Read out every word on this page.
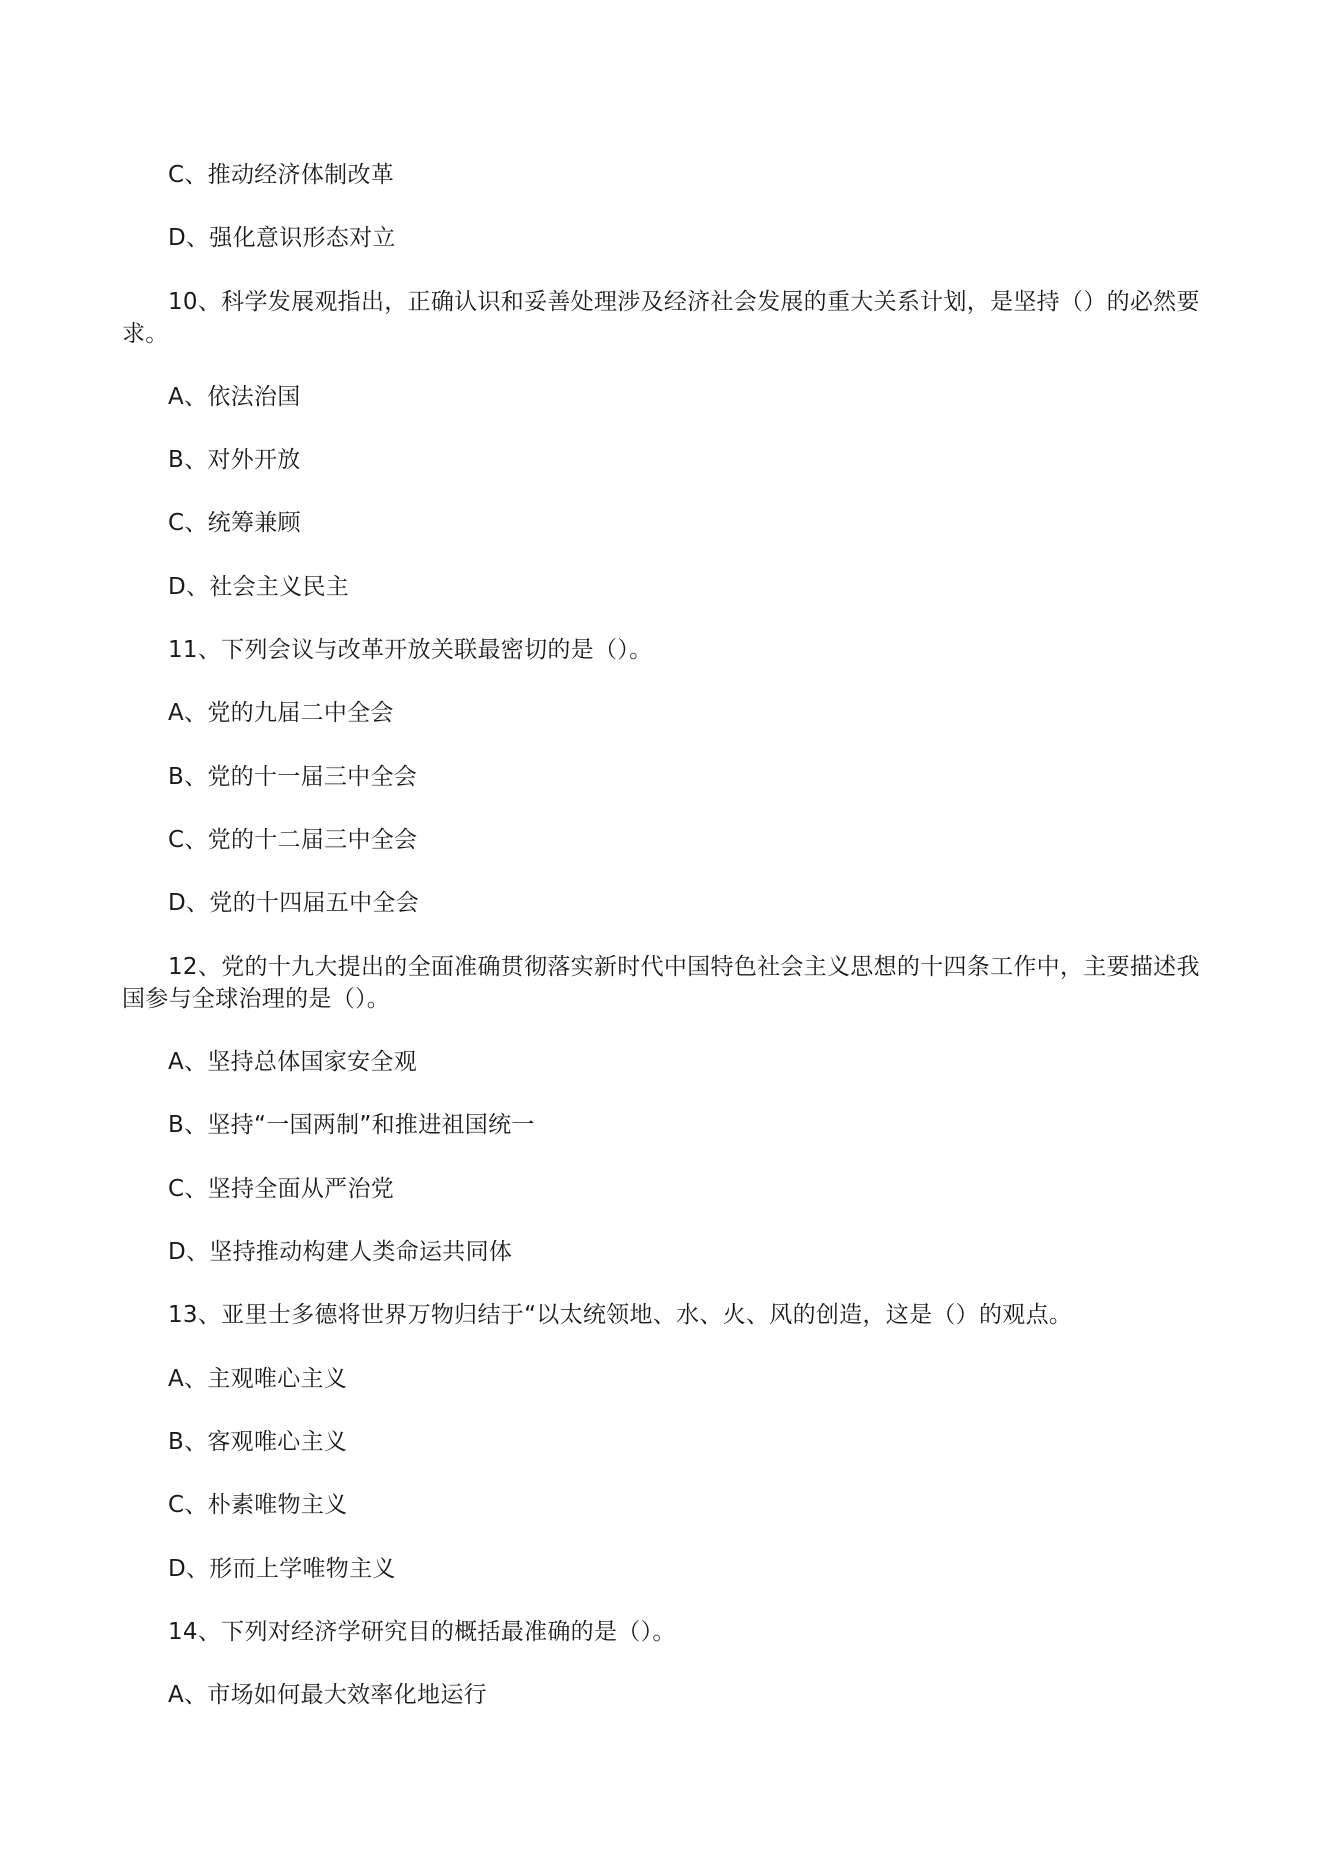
C、推动经济体制改革
D、强化意识形态对立
10、科学发展观指出，正确认识和妥善处理涉及经济社会发展的重大关系计划，是坚持（）的必然要
求。
A、依法治国
B、对外开放
C、统筹兼顾
D、社会主义民主
11、下列会议与改革开放关联最密切的是（）。
A、党的九届二中全会
B、党的十一届三中全会
C、党的十二届三中全会
D、党的十四届五中全会
12、党的十九大提出的全面准确贯彻落实新时代中国特色社会主义思想的十四条工作中，主要描述我
国参与全球治理的是（）。
A、坚持总体国家安全观
B、坚持“一国两制”和推进祖国统一
C、坚持全面从严治党
D、坚持推动构建人类命运共同体
13、亚里士多德将世界万物归结于“以太统领地、水、火、风的创造，这是（）的观点。
A、主观唯心主义
B、客观唯心主义
C、朴素唯物主义
D、形而上学唯物主义
14、下列对经济学研究目的概括最准确的是（）。
A、市场如何最大效率化地运行
